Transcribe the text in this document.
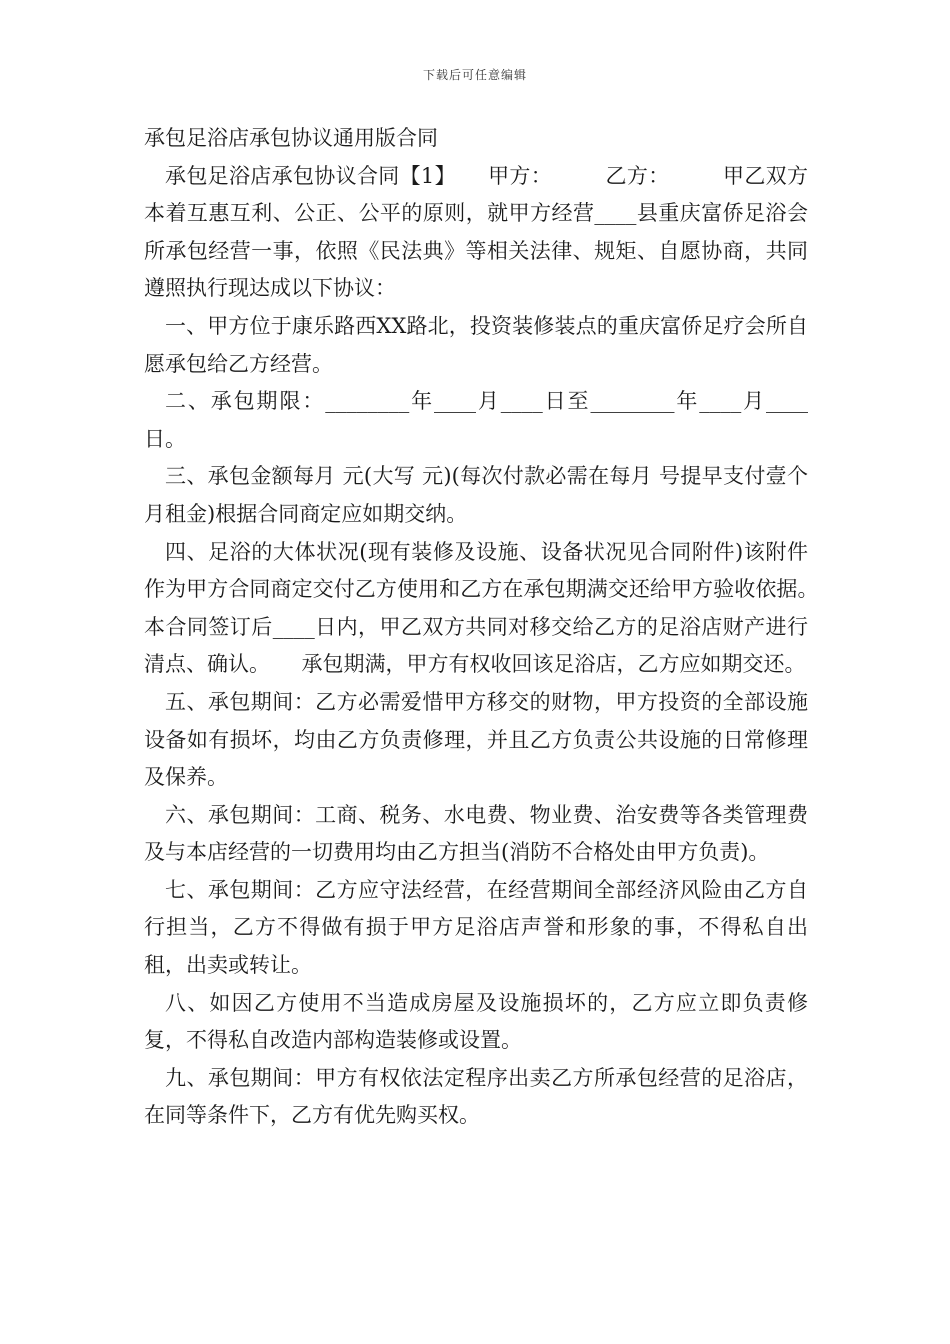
下载后可任意编辑

承包足浴店承包协议通用版合同

承包足浴店承包协议合同【1】　　甲方：　　　乙方：　　　甲乙双方本着互惠互利、公正、公平的原则，就甲方经营____县重庆富侨足浴会所承包经营一事，依照《民法典》等相关法律、规矩、自愿协商，共同遵照执行现达成以下协议：

一、甲方位于康乐路西XX路北，投资装修装点的重庆富侨足疗会所自愿承包给乙方经营。

二、承包期限：________年____月____日至________年____月____日。

三、承包金额每月 元(大写 元)(每次付款必需在每月 号提早支付壹个月租金)根据合同商定应如期交纳。

四、足浴的大体状况(现有装修及设施、设备状况见合同附件)该附件作为甲方合同商定交付乙方使用和乙方在承包期满交还给甲方验收依据。　　本合同签订后____日内，甲乙双方共同对移交给乙方的足浴店财产进行清点、确认。　　承包期满，甲方有权收回该足浴店，乙方应如期交还。

五、承包期间：乙方必需爱惜甲方移交的财物，甲方投资的全部设施设备如有损坏，均由乙方负责修理，并且乙方负责公共设施的日常修理及保养。

六、承包期间：工商、税务、水电费、物业费、治安费等各类管理费及与本店经营的一切费用均由乙方担当(消防不合格处由甲方负责)。

七、承包期间：乙方应守法经营，在经营期间全部经济风险由乙方自行担当，乙方不得做有损于甲方足浴店声誉和形象的事，不得私自出租，出卖或转让。

八、如因乙方使用不当造成房屋及设施损坏的，乙方应立即负责修复，不得私自改造内部构造装修或设置。

九、承包期间：甲方有权依法定程序出卖乙方所承包经营的足浴店，在同等条件下，乙方有优先购买权。
